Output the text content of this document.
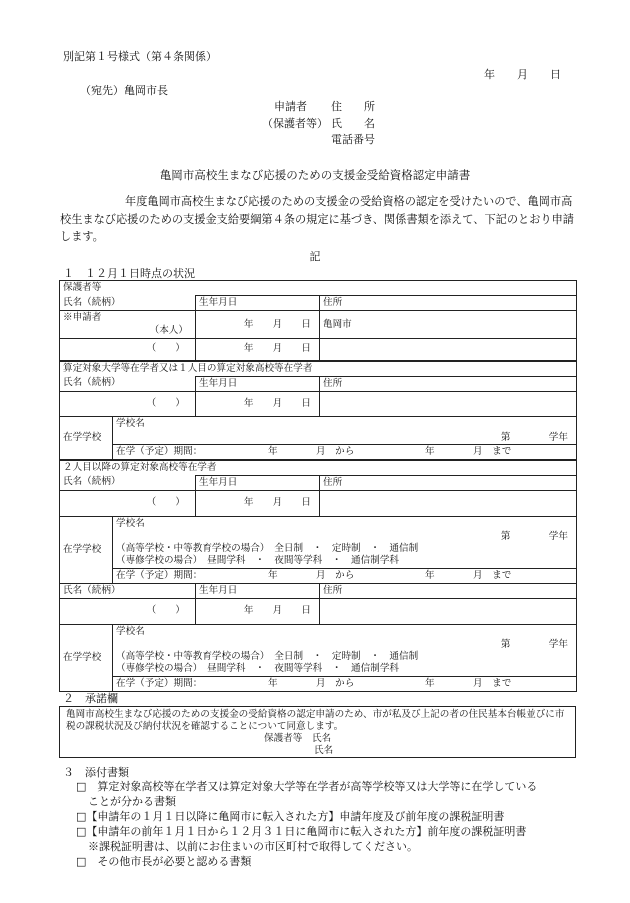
別記第１号様式（第４条関係）
年　　月　　日
（宛先）亀岡市長
申請者 住　　所
（保護者等） 氏　　名
電話番号
亀岡市高校生まなび応援のための支援金受給資格認定申請書
年度亀岡市高校生まなび応援のための支援金の受給資格の認定を受けたいので、亀岡市高校生まなび応援のための支援金支給要綱第４条の規定に基づき、関係書類を添えて、下記のとおり申請します。
記
１　１２月１日時点の状況
保護者等			
氏名（続柄）		生年月日	住所

※申請者
（本人）		年　　月　　日	亀岡市
（　　）		年　　月　　日	
算定対象大学等在学者又は１人目の算定対象高校等在学者			
氏名（続柄）		生年月日	住所
（　　）		年　　月　　日	
在学学校	学校名
第　　　　学年		

	在学（予定）期間： 年　　　　月　から 年　　　　月　まで		

２人目以降の算定対象高校等在学者			
氏名（続柄）		生年月日	住所
（　　）		年　　月　　日	
在学学校	学校名
第　　　　学年
（高等学校・中等教育学校の場合）　全日制　・　定時制　・　通信制
（専修学校の場合）　昼間学科　・　夜間等学科　・　通信制学科		

	在学（予定）期間： 年　　　　月　から 年　　　　月　まで		

氏名（続柄）		生年月日	住所
（　　）		年　　月　　日	
在学学校	学校名
第　　　　学年
（高等学校・中等教育学校の場合）　全日制　・　定時制　・　通信制
（専修学校の場合）　昼間学科　・　夜間等学科　・　通信制学科		

	在学（予定）期間： 年　　　　月　から 年　　　　月　まで		
２　承諾欄
亀岡市高校生まなび応援のための支援金の受給資格の認定申請のため、市が私及び上記の者の住民基本台帳並びに市税の課税状況及び納付状況を確認することについて同意します。
保護者等　氏名
氏名
３　添付書類
□　算定対象高校等在学者又は算定対象大学等在学者が高等学校等又は大学等に在学している
ことが分かる書類
□【申請年の１月１日以降に亀岡市に転入された方】申請年度及び前年度の課税証明書
□【申請年の前年１月１日から１２月３１日に亀岡市に転入された方】前年度の課税証明書
※課税証明書は、以前にお住まいの市区町村で取得してください。
□　その他市長が必要と認める書類
